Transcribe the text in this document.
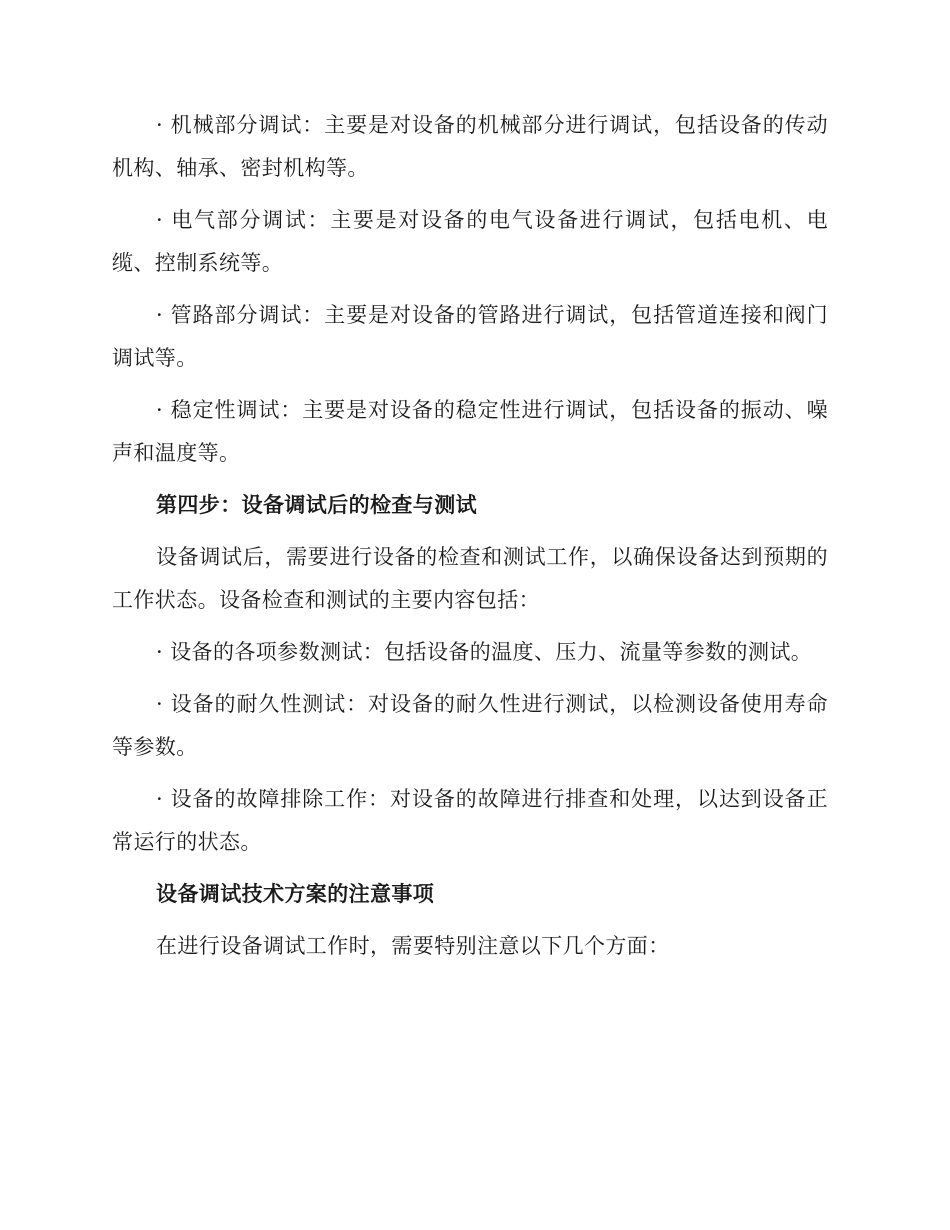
· 机械部分调试：主要是对设备的机械部分进行调试，包括设备的传动机构、轴承、密封机构等。

· 电气部分调试：主要是对设备的电气设备进行调试，包括电机、电缆、控制系统等。

· 管路部分调试：主要是对设备的管路进行调试，包括管道连接和阀门调试等。

· 稳定性调试：主要是对设备的稳定性进行调试，包括设备的振动、噪声和温度等。

第四步：设备调试后的检查与测试

设备调试后，需要进行设备的检查和测试工作，以确保设备达到预期的工作状态。设备检查和测试的主要内容包括：

· 设备的各项参数测试：包括设备的温度、压力、流量等参数的测试。

· 设备的耐久性测试：对设备的耐久性进行测试，以检测设备使用寿命等参数。

· 设备的故障排除工作：对设备的故障进行排查和处理，以达到设备正常运行的状态。

设备调试技术方案的注意事项

在进行设备调试工作时，需要特别注意以下几个方面：
